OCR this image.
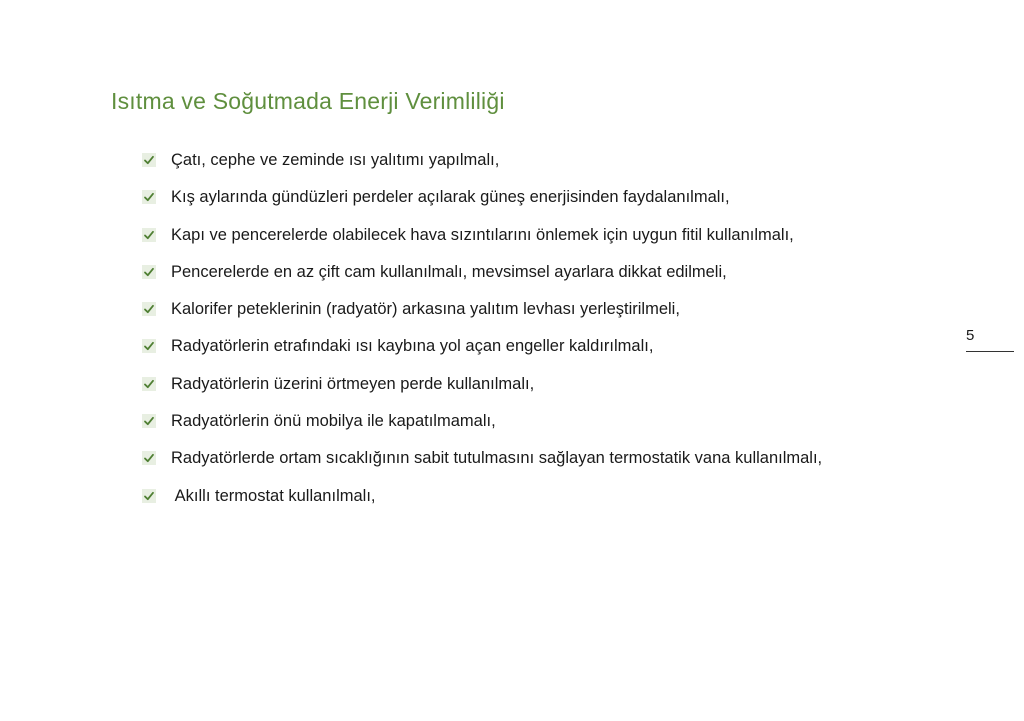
Isıtma ve Soğutmada Enerji Verimliliği
Çatı, cephe ve zeminde ısı yalıtımı yapılmalı,
Kış aylarında gündüzleri perdeler açılarak güneş enerjisinden faydalanılmalı,
Kapı ve pencerelerde olabilecek hava sızıntılarını önlemek için uygun fitil kullanılmalı,
Pencerelerde en az çift cam kullanılmalı, mevsimsel ayarlara dikkat edilmeli,
Kalorifer peteklerinin (radyatör) arkasına yalıtım levhası yerleştirilmeli,
Radyatörlerin etrafındaki ısı kaybına yol açan engeller kaldırılmalı,
Radyatörlerin üzerini örtmeyen perde kullanılmalı,
Radyatörlerin önü mobilya ile kapatılmamalı,
Radyatörlerde ortam sıcaklığının sabit tutulmasını sağlayan termostatik vana kullanılmalı,
Akıllı termostat kullanılmalı,
5
